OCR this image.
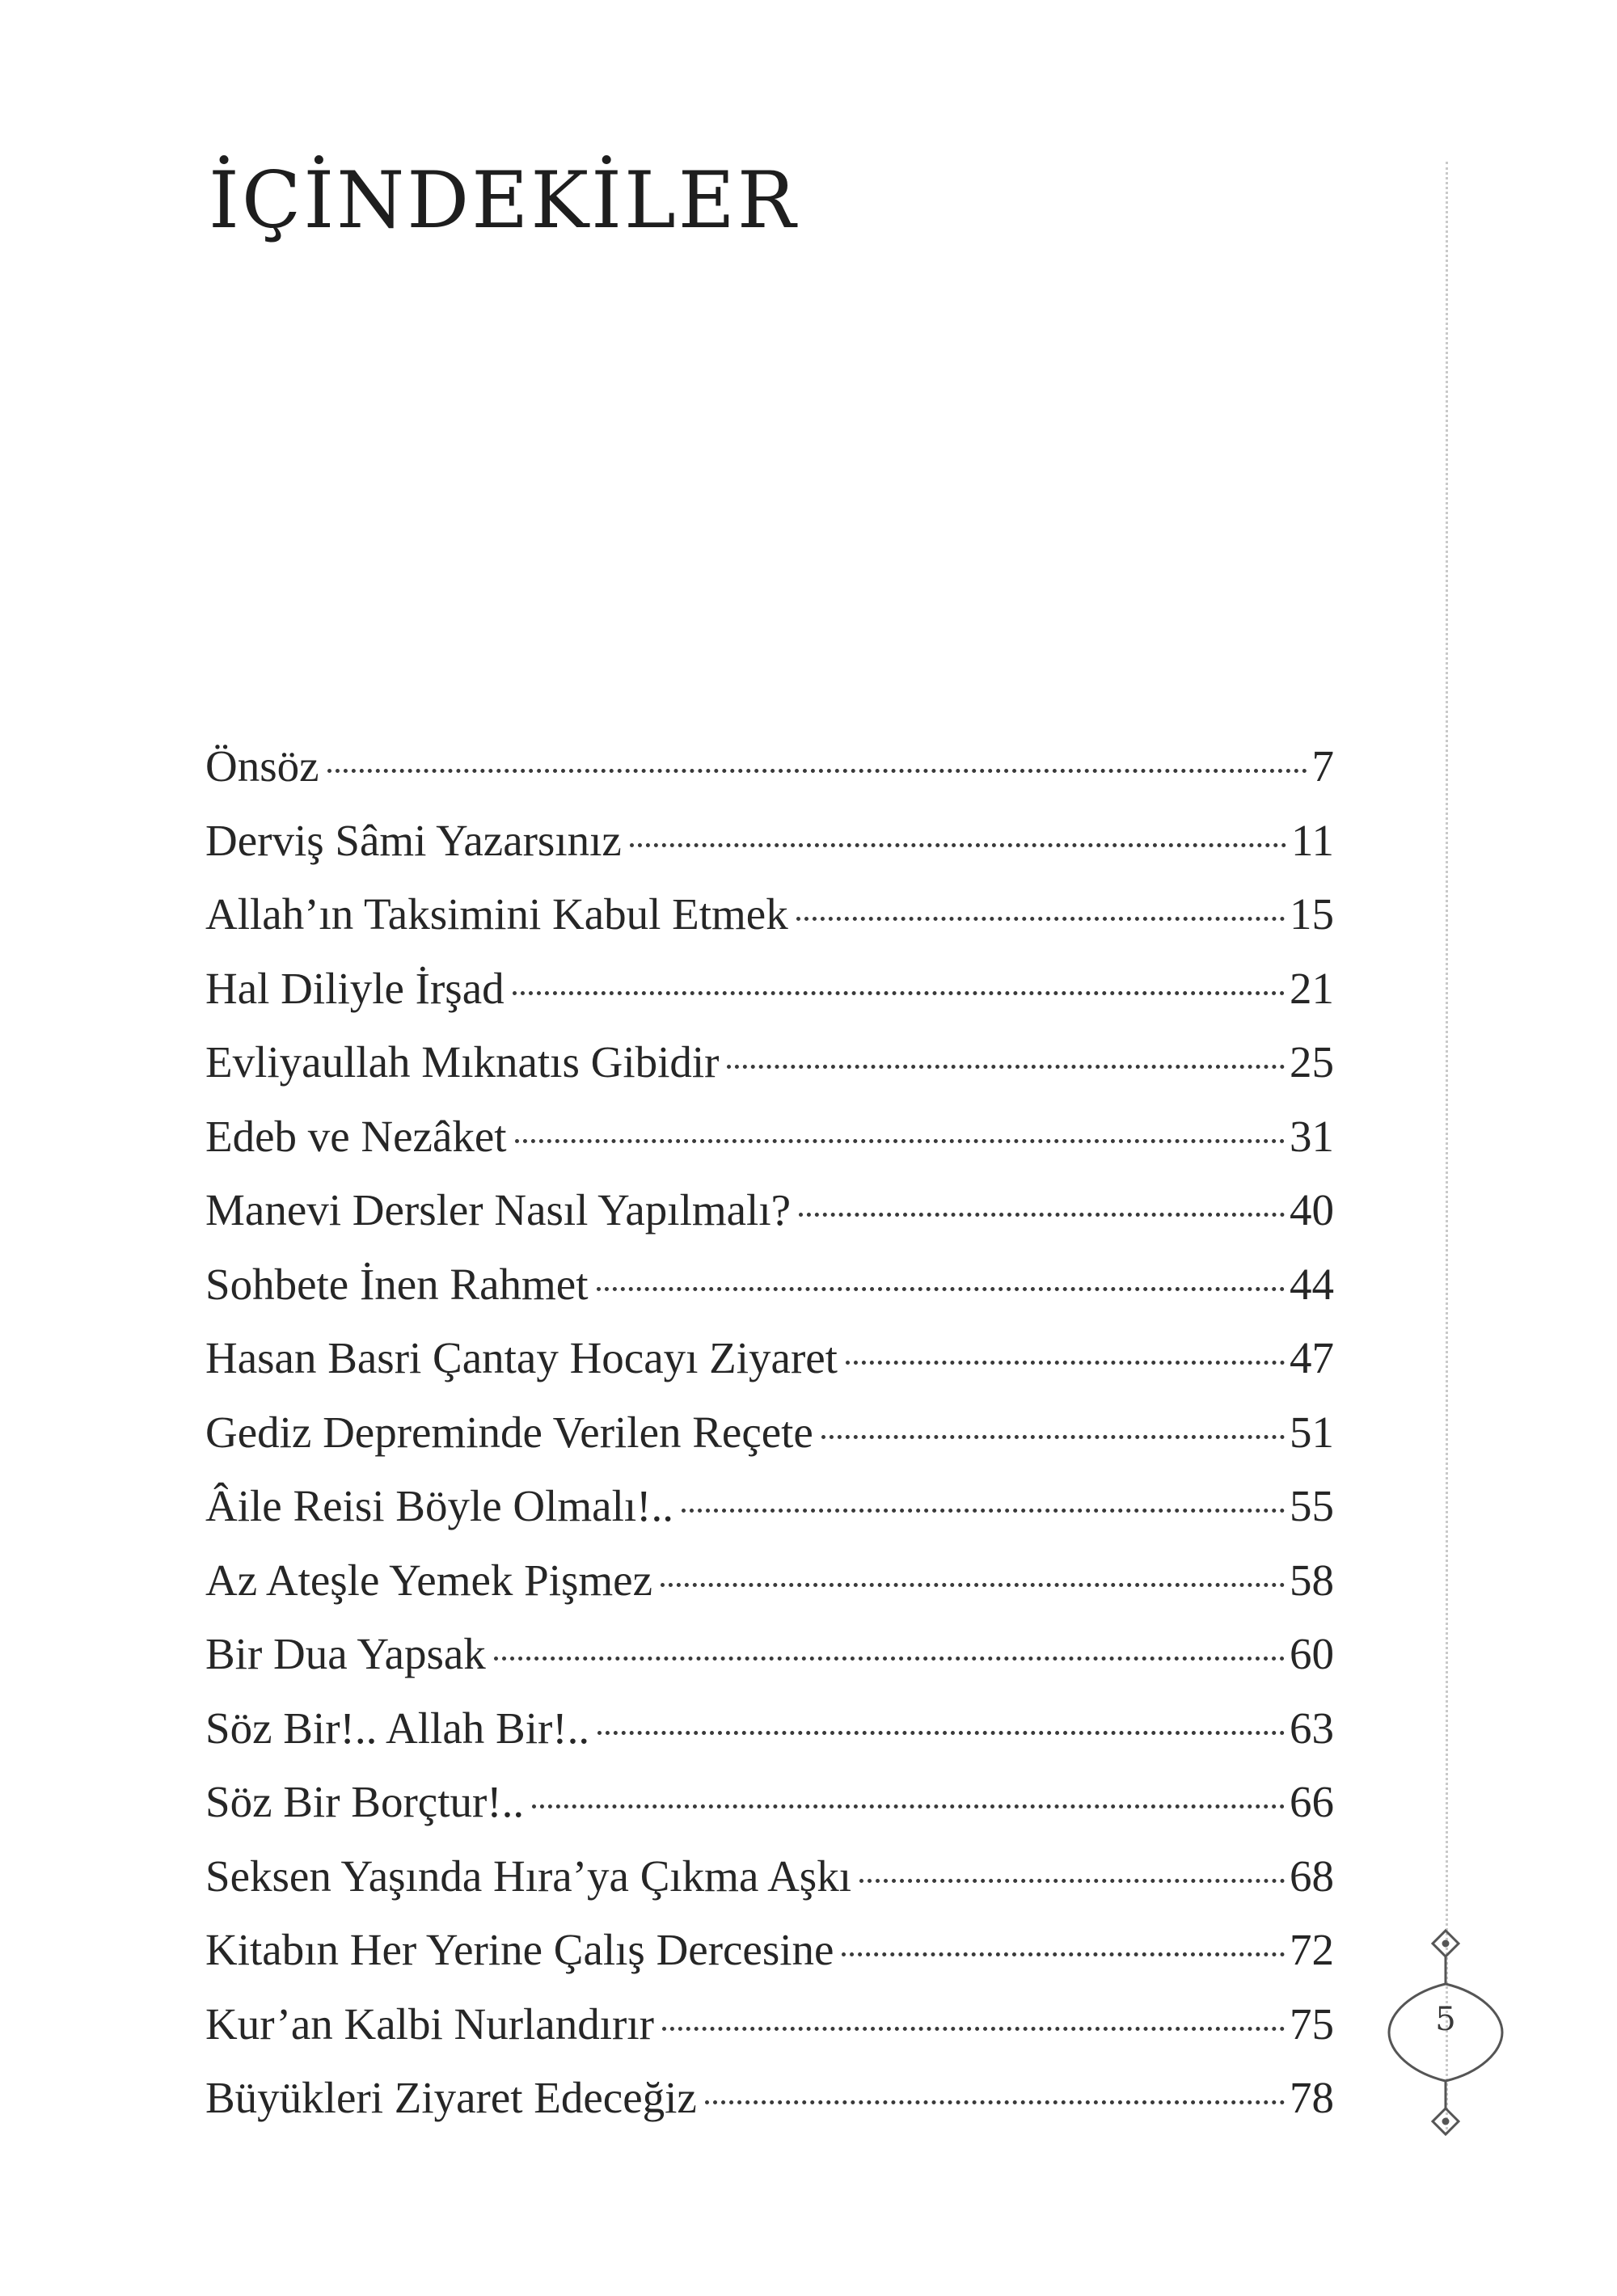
İÇİNDEKİLER
Önsöz	7
Derviş Sâmi Yazarsınız	11
Allah’ın Taksimini Kabul Etmek	15
Hal Diliyle İrşad	21
Evliyaullah Mıknatıs Gibidir	25
Edeb ve Nezâket	31
Manevi Dersler Nasıl Yapılmalı?	40
Sohbete İnen Rahmet	44
Hasan Basri Çantay Hocayı Ziyaret	47
Gediz Depreminde Verilen Reçete	51
Âile Reisi Böyle Olmalı!..	55
Az Ateşle Yemek Pişmez	58
Bir Dua Yapsak	60
Söz Bir!.. Allah Bir!..	63
Söz Bir Borçtur!..	66
Seksen Yaşında Hıra’ya Çıkma Aşkı	68
Kitabın Her Yerine Çalış Dercesine	72
Kur’an Kalbi Nurlandırır	75
Büyükleri Ziyaret Edeceğiz	78
5
